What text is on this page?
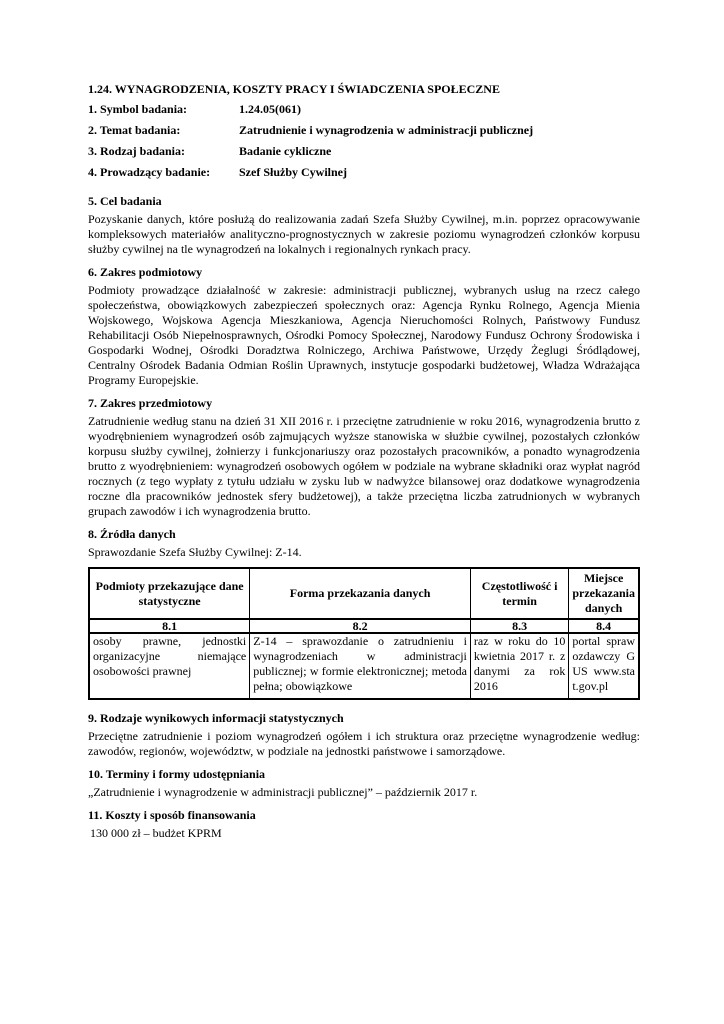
1.24. WYNAGRODZENIA, KOSZTY PRACY I ŚWIADCZENIA SPOŁECZNE
1. Symbol badania:	1.24.05(061)
2. Temat badania:	Zatrudnienie i wynagrodzenia w administracji publicznej
3. Rodzaj badania:	Badanie cykliczne
4. Prowadzący badanie:	Szef Służby Cywilnej
5. Cel badania
Pozyskanie danych, które posłużą do realizowania zadań Szefa Służby Cywilnej, m.in. poprzez opracowywanie kompleksowych materiałów analityczno-prognostycznych w zakresie poziomu wynagrodzeń członków korpusu służby cywilnej na tle wynagrodzeń na lokalnych i regionalnych rynkach pracy.
6. Zakres podmiotowy
Podmioty prowadzące działalność w zakresie: administracji publicznej, wybranych usług na rzecz całego społeczeństwa, obowiązkowych zabezpieczeń społecznych oraz: Agencja Rynku Rolnego, Agencja Mienia Wojskowego, Wojskowa Agencja Mieszkaniowa, Agencja Nieruchomości Rolnych, Państwowy Fundusz Rehabilitacji Osób Niepełnosprawnych, Ośrodki Pomocy Społecznej, Narodowy Fundusz Ochrony Środowiska i Gospodarki Wodnej, Ośrodki Doradztwa Rolniczego, Archiwa Państwowe, Urzędy Żeglugi Śródlądowej, Centralny Ośrodek Badania Odmian Roślin Uprawnych, instytucje gospodarki budżetowej, Władza Wdrażająca Programy Europejskie.
7. Zakres przedmiotowy
Zatrudnienie według stanu na dzień 31 XII 2016 r. i przeciętne zatrudnienie w roku 2016, wynagrodzenia brutto z wyodrębnieniem wynagrodzeń osób zajmujących wyższe stanowiska w służbie cywilnej, pozostałych członków korpusu służby cywilnej, żołnierzy i funkcjonariuszy oraz pozostałych pracowników, a ponadto wynagrodzenia brutto z wyodrębnieniem: wynagrodzeń osobowych ogółem w podziale na wybrane składniki oraz wypłat nagród rocznych (z tego wypłaty z tytułu udziału w zysku lub w nadwyżce bilansowej oraz dodatkowe wynagrodzenia roczne dla pracowników jednostek sfery budżetowej), a także przeciętna liczba zatrudnionych w wybranych grupach zawodów i ich wynagrodzenia brutto.
8. Źródła danych
Sprawozdanie Szefa Służby Cywilnej: Z-14.
Podmioty przekazujące dane statystyczne	Forma przekazania danych	Częstotliwość i termin	Miejsce przekazania danych
8.1	8.2	8.3	8.4
osoby prawne, jednostki organizacyjne niemające osobowości prawnej	Z-14 – sprawozdanie o zatrudnieniu i wynagrodzeniach w administracji publicznej; w formie elektronicznej; metoda pełna; obowiązkowe	raz w roku do 10 kwietnia 2017 r. z danymi za rok 2016	portal sprawozdawczy GUS www.stat.gov.pl
9. Rodzaje wynikowych informacji statystycznych
Przeciętne zatrudnienie i poziom wynagrodzeń ogółem i ich struktura oraz przeciętne wynagrodzenie według: zawodów, regionów, województw, w podziale na jednostki państwowe i samorządowe.
10. Terminy i formy udostępniania
„Zatrudnienie i wynagrodzenie w administracji publicznej” – październik 2017 r.
11. Koszty i sposób finansowania
130 000 zł – budżet KPRM
